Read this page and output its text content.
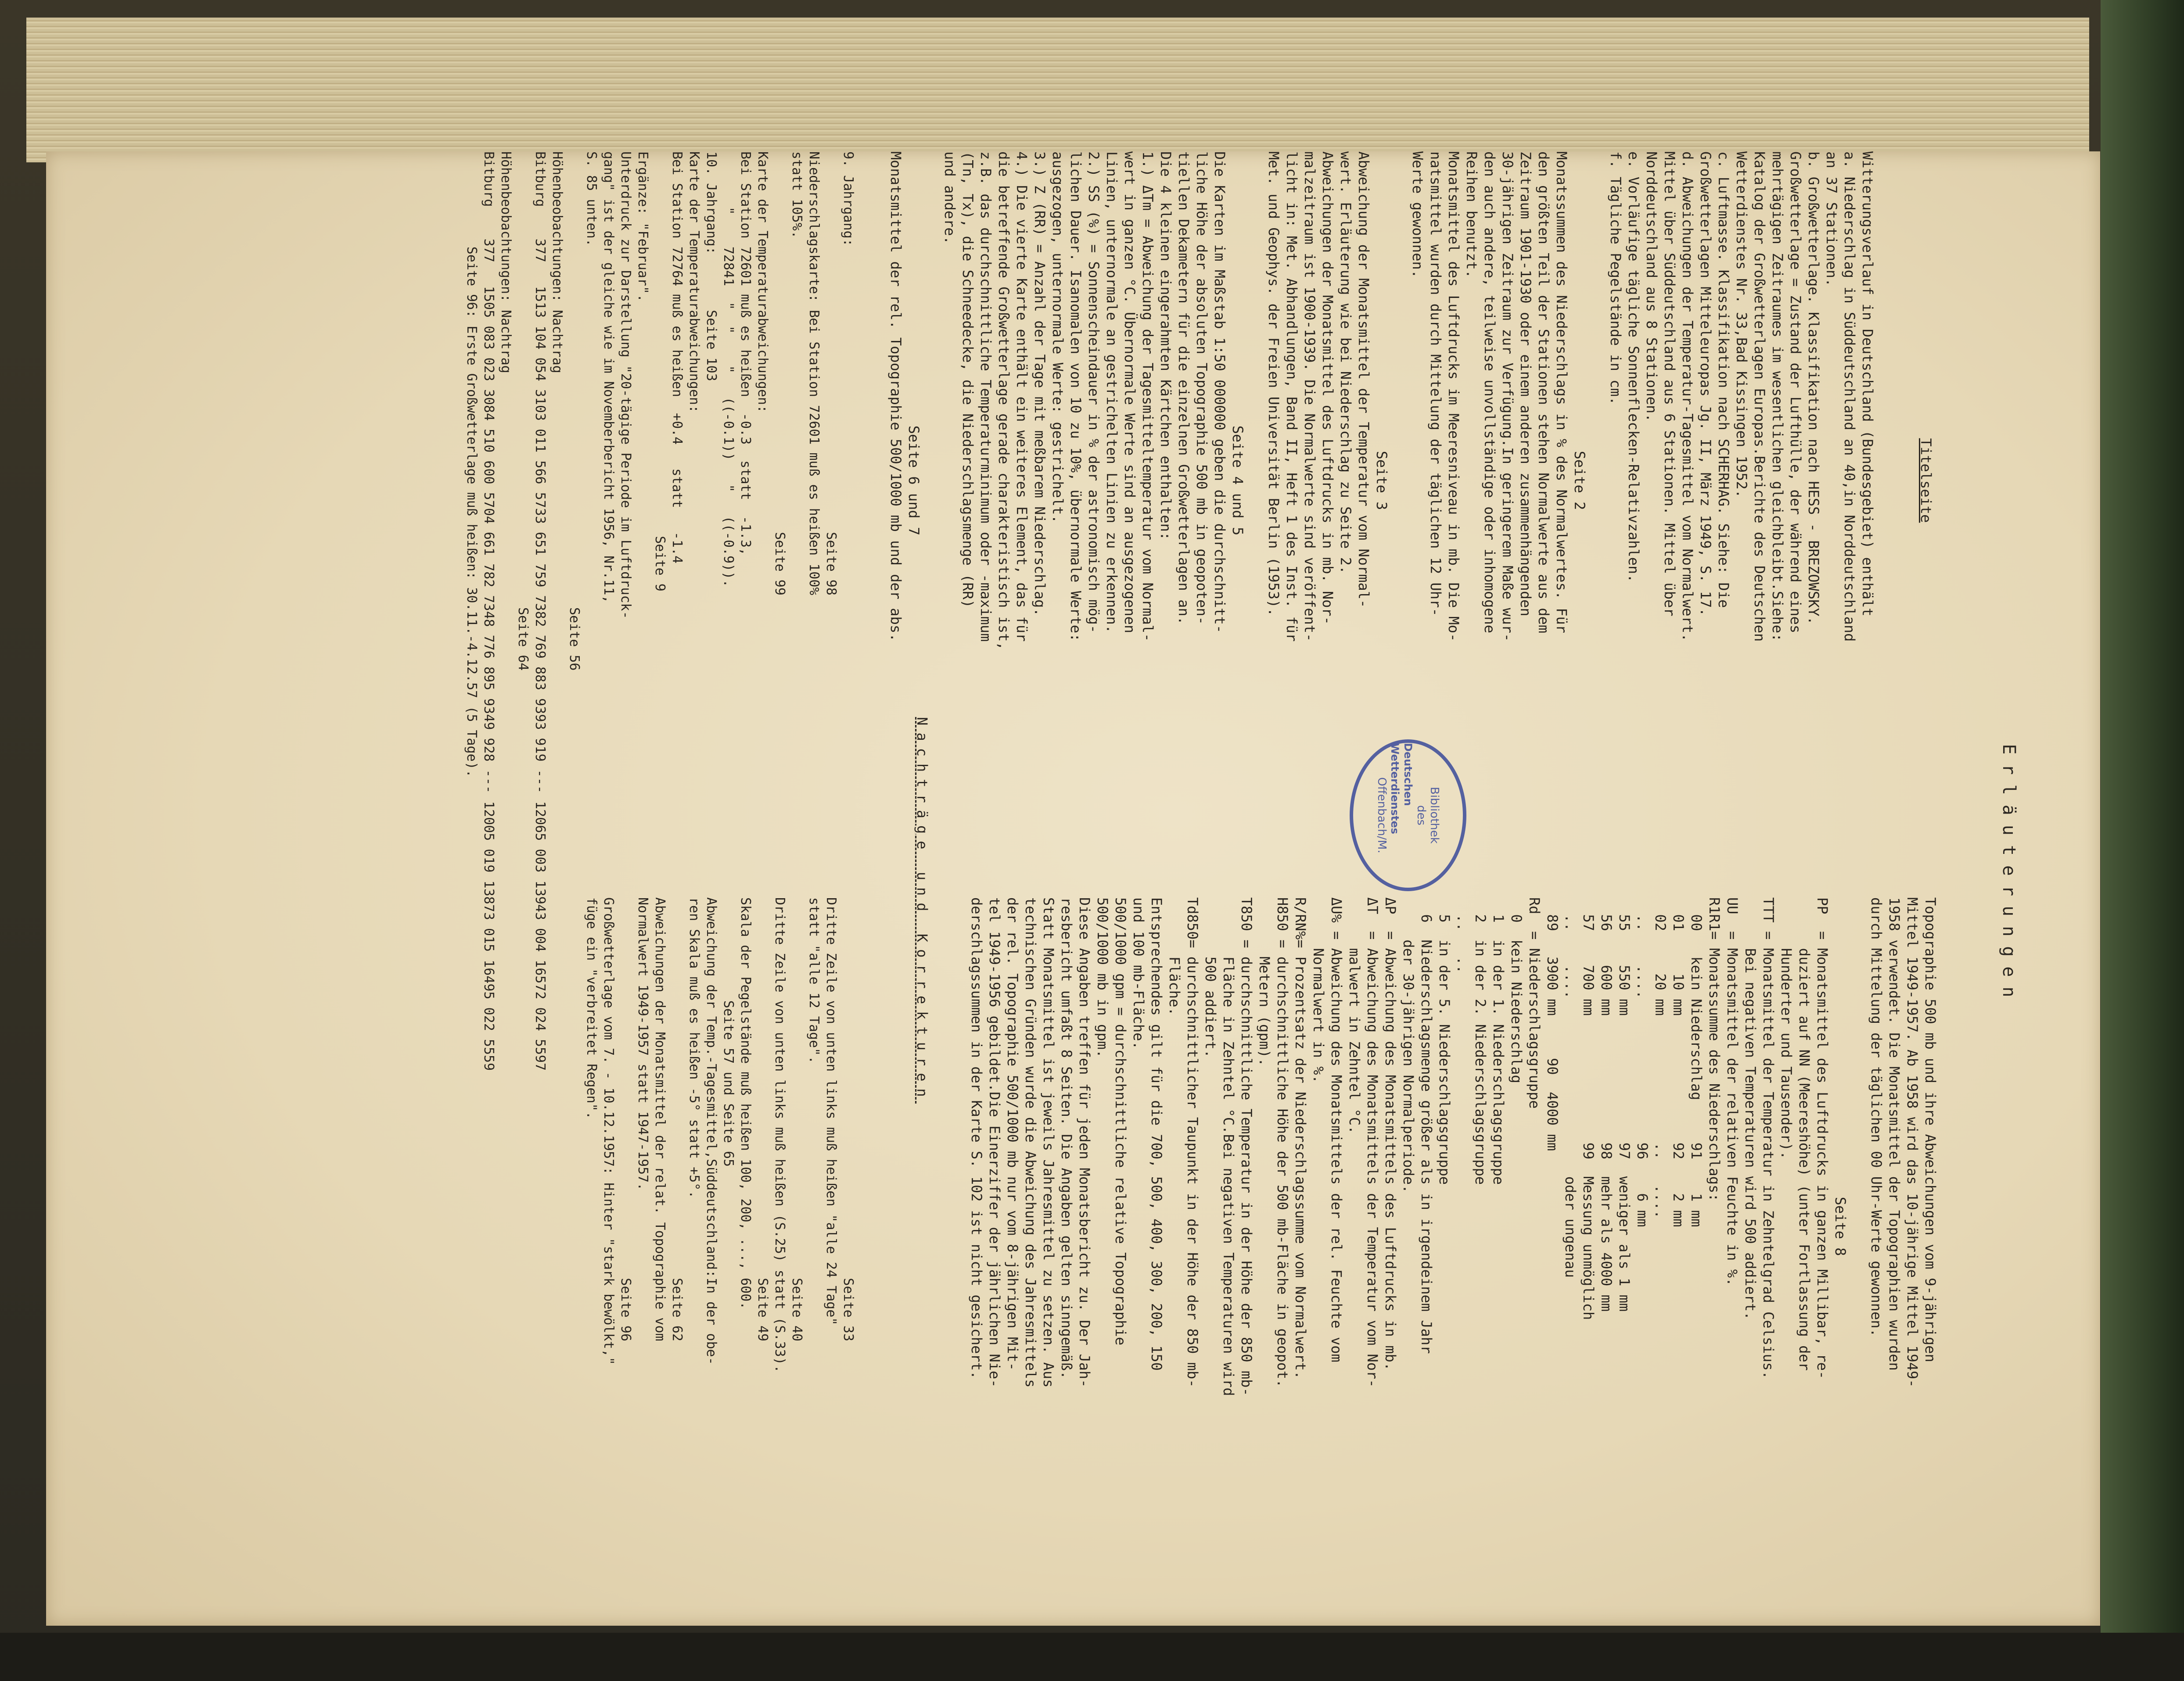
Erläuterungen

Titelseite

Witterungsverlauf in Deutschland (Bundesgebiet) enthält
a. Niederschlag in Süddeutschland an 40,in Norddeutschland
an 37 Stationen.
b. Großwetterlage. Klassifikation nach HESS - BREZOWSKY.
Großwetterlage = Zustand der Lufthülle, der während eines
mehrtägigen Zeitraumes im wesentlichen gleichbleibt.Siehe:
Katalog der Großwetterlagen Europas.Berichte des Deutschen
Wetterdienstes Nr. 33,Bad Kissingen 1952.
c. Luftmasse. Klassifikation nach SCHERHAG. Siehe: Die
Großwetterlagen Mitteleuropas Jg. II, März 1949, S. 17.
d. Abweichungen der Temperatur-Tagesmittel vom Normalwert.
Mittel über Süddeutschland aus 6 Stationen. Mittel über
Norddeutschland aus 8 Stationen.
e. Vorläufige tägliche Sonnenflecken-Relativzahlen.
f. Tägliche Pegelstände in cm.

Seite 2
Monatssummen des Niederschlags in % des Normalwertes. Für
den größten Teil der Stationen stehen Normalwerte aus dem
Zeitraum 1901-1930 oder einem anderen zusammenhängenden
30-jährigen Zeitraum zur Verfügung.In geringerem Maße wur-
den auch andere, teilweise unvollständige oder inhomogene
Reihen benutzt.
Monatsmittel des Luftdrucks im Meeresniveau in mb. Die Mo-
natsmittel wurden durch Mittelung der täglichen 12 Uhr-
Werte gewonnen.

Seite 3
Abweichung der Monatsmittel der Temperatur vom Normal-
wert. Erläuterung wie bei Niederschlag zu Seite 2.
Abweichungen der Monatsmittel des Luftdrucks in mb. Nor-
malzeitraum ist 1900-1939. Die Normalwerte sind veröffent-
licht in: Met. Abhandlungen, Band II, Heft 1 des Inst. für
Met. und Geophys. der Freien Universität Berlin (1953).

Seite 4 und 5
Die Karten im Maßstab 1:50 000000 geben die durchschnitt-
liche Höhe der absoluten Topographie 500 mb in geopoten-
tiellen Dekametern für die einzelnen Großwetterlagen an.
Die 4 kleinen eingerahmten Kärtchen enthalten:
1.) ΔTm = Abweichung der Tagesmitteltemperatur vom Normal-
wert in ganzen °C. Übernormale Werte sind an ausgezogenen
Linien, unternormale an gestrichelten Linien zu erkennen.
2.) SS (%) = Sonnenscheindauer in % der astronomisch mög-
lichen Dauer. Isanomalen von 10 zu 10%, übernormale Werte:
ausgezogen, unternormale Werte: gestrichelt.
3.) Z (RR) = Anzahl der Tage mit meßbarem Niederschlag.
4.) Die vierte Karte enthält ein weiteres Element, das für
die betreffende Großwetterlage gerade charakteristisch ist,
z.B. das durchschnittliche Temperaturminimum oder -maximum
(Tn, Tx), die Schneedecke, die Niederschlagsmenge (RR)
und andere.

Seite 6 und 7
Monatsmittel der rel. Topographie 500/1000 mb und der abs.

Topographie 500 mb und ihre Abweichungen vom 9-jährigen
Mittel 1949-1957. Ab 1958 wird das 10-jährige Mittel 1949-
1958 verwendet. Die Monatsmittel der Topographien wurden
durch Mittelung der täglichen 00 Uhr-Werte gewonnen.

Seite 8
PP  = Monatsmittel des Luftdrucks in ganzen Millibar, re-
duziert auf NN (Meereshöhe) (unter Fortlassung der
Hunderter und Tausender).
TTT = Monatsmittel der Temperatur in Zehntelgrad Celsius.
Bei negativen Temperaturen wird 500 addiert.
UU  = Monatsmittel der relativen Feuchte in %.
R1R1= Monatssumme des Niederschlags:
00   kein Niederschlag     91    1 mm
01     10 mm               92    2 mm
02     20 mm               ..   ....
..    ....                 96    6 mm
55    550 mm               97  weniger als 1 mm
56    600 mm               98  mehr als 4000 mm
57    700 mm               99  Messung unmöglich
..    ....                     oder ungenau
89   3900 mm     90  4000 mm
Rd  = Niederschlagsgruppe
0  kein Niederschlag
1  in der 1. Niederschlagsgruppe
2  in der 2. Niederschlagsgruppe
..   ..
5  in der 5. Niederschlagsgruppe
6  Niederschlagsmenge größer als in irgendeinem Jahr
der 30-jährigen Normalperiode.
ΔP  = Abweichung des Monatsmittels des Luftdrucks in mb.
ΔT  = Abweichung des Monatsmittels der Temperatur vom Nor-
malwert in Zehntel °C.
ΔU% = Abweichung des Monatsmittels der rel. Feuchte vom
Normalwert in %.
R/RN%= Prozentsatz der Niederschlagssumme vom Normalwert.
H850 = durchschnittliche Höhe der 500 mb-Fläche in geopot.
Metern (gpm).
T850 = durchschnittliche Temperatur in der Höhe der 850 mb-
Fläche in Zehntel °C.Bei negativen Temperaturen wird
500 addiert.
Td850= durchschnittlicher Taupunkt in der Höhe der 850 mb-
Fläche.
Entsprechendes gilt für die 700, 500, 400, 300, 200, 150
und 100 mb-Fläche.
500/1000 gpm = durchschnittliche relative Topographie
500/1000 mb in gpm.
Diese Angaben treffen für jeden Monatsbericht zu. Der Jah-
resbericht umfaßt 8 Seiten. Die Angaben gelten sinngemäß.
Statt Monatsmittel ist jeweils Jahresmittel zu setzen. Aus
technischen Gründen wurde die Abweichung des Jahresmittels
der rel. Topographie 500/1000 mb nur vom 8-jährigen Mit-
tel 1949-1956 gebildet.Die Einerziffer der jährlichen Nie-
derschlagssummen in der Karte S. 102 ist nicht gesichert.

Nachträge und Korrekturen

9. Jahrgang:
Seite 98
Niederschlagskarte: Bei Station 72601 muß es heißen 100%
statt 105%.
Seite 99
Karte der Temperaturabweichungen:
Bei Station 72601 muß es heißen  -0.3  statt  -1.3,
"    72841  "  "    "   ((-0.1))   "   ((-0.9)).
10. Jahrgang:       Seite 103
Karte der Temperaturabweichungen:
Bei Station 72764 muß es heißen  +0.4   statt   -1.4
Seite 9
Ergänze: "Februar".
Unterdruck zur Darstellung "20-tägige Periode im Luftdruck-
gang" ist der gleiche wie im Novemberbericht 1956, Nr.11,
S. 85 unten.
Seite 56
Höhenbeobachtungen: Nachtrag
Bitburg    377   1513 104 054 3103 011 566 5733 651 759 7382 769 883 9393 919 --- 12065 003 13943 004 16572 024 5597
Seite 64
Höhenbeobachtungen: Nachtrag
Bitburg    377   1505 083 023 3084 510 600 5704 661 782 7348 776 895 9349 928 --- 12005 019 13873 015 16495 022 5559
Seite 96: Erste Großwetterlage muß heißen: 30.11.-4.12.57 (5 Tage).

Seite 33
Dritte Zeile von unten links muß heißen "alle 24 Tage"
statt "alle 12 Tage".
Seite 40
Dritte Zeile von unten links muß heißen (S.25) statt (S.33).
Seite 49
Skala der Pegelstände muß heißen 100, 200, ..., 600.
Seite 57 und Seite 65
Abweichung der Temp.-Tagesmittel,Süddeutschland:In der obe-
ren Skala muß es heißen -5° statt +5°.
Seite 62
Abweichungen der Monatsmittel der relat. Topographie vom
Normalwert 1949-1957 statt 1947-1957.
Seite 96
Großwetterlage vom 7. - 10.12.1957: Hinter "stark bewölkt,"
füge ein "verbreitet Regen".

Bibliothek
des
Deutschen Wetterdienstes
Offenbach/M.
